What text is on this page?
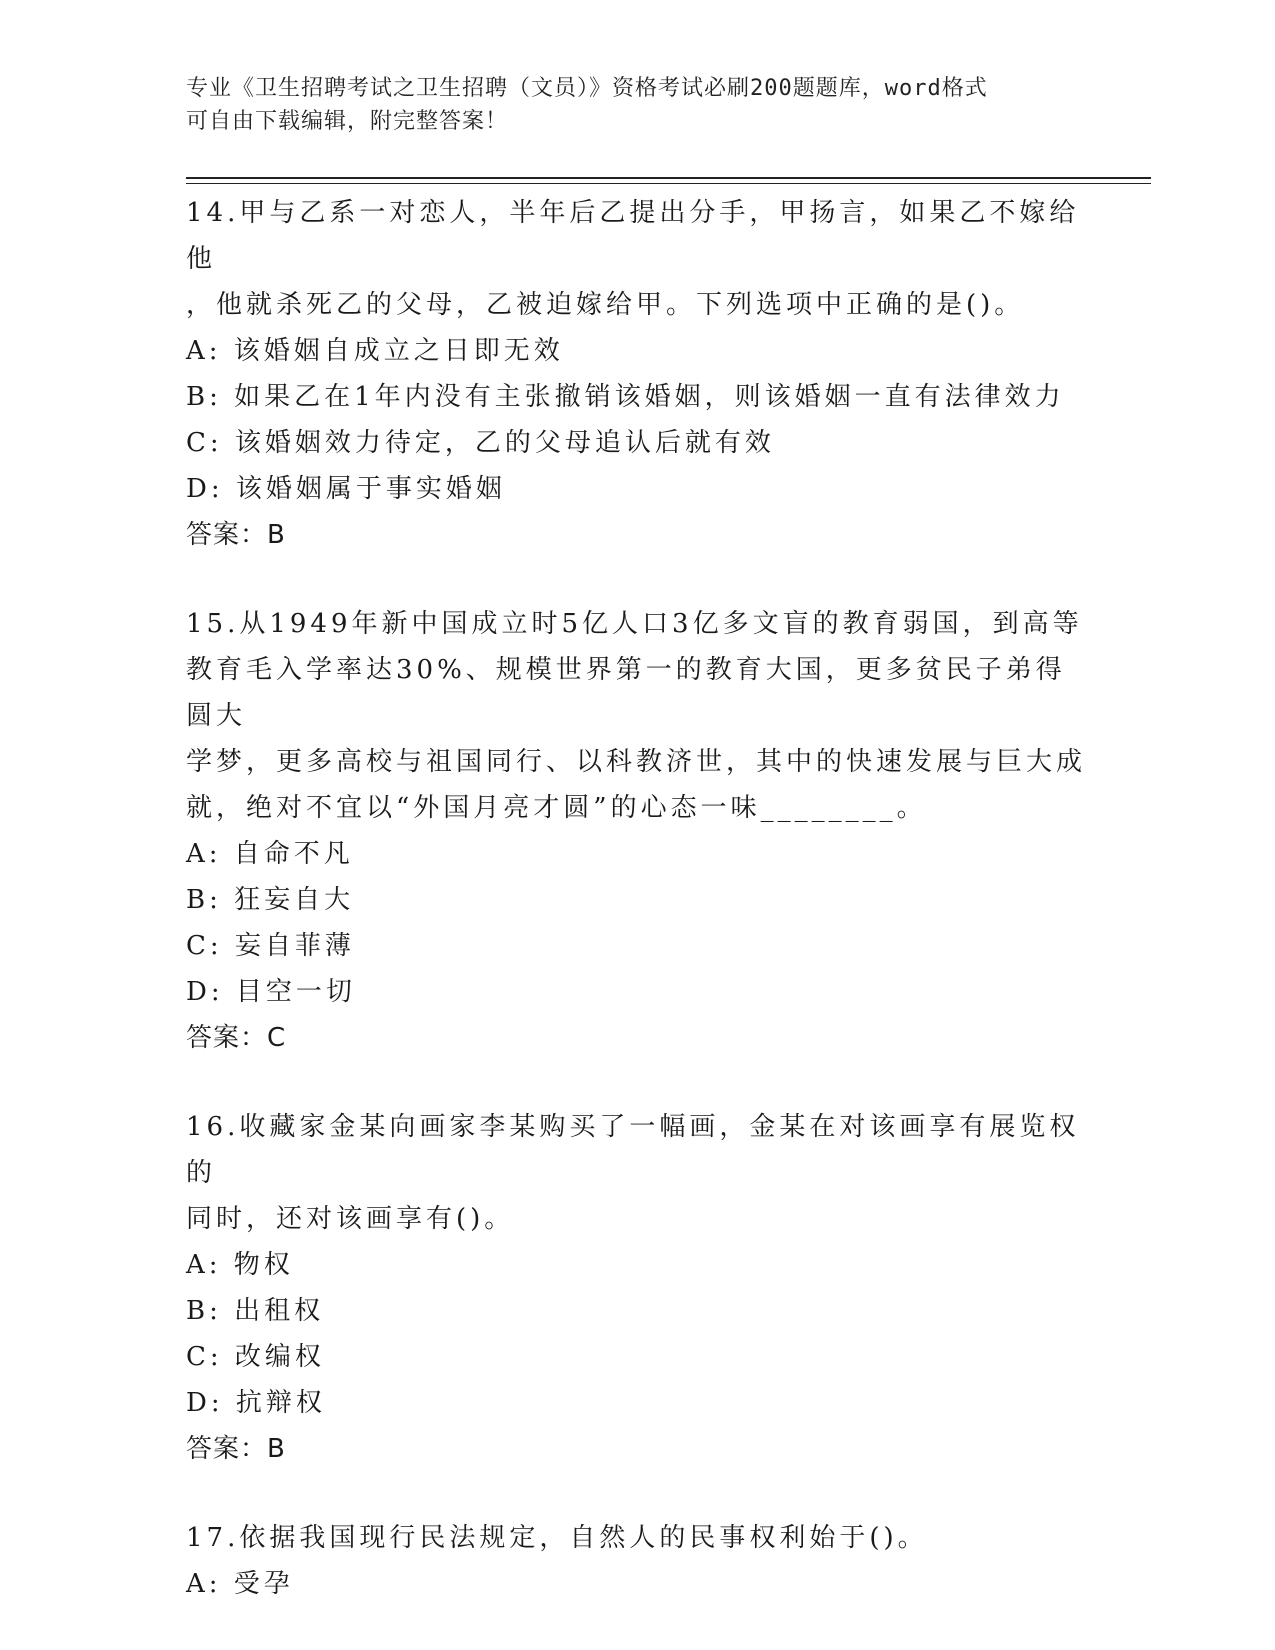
专业《卫生招聘考试之卫生招聘（文员）》资格考试必刷200题题库，word格式
可自由下载编辑，附完整答案！
14.甲与乙系一对恋人，半年后乙提出分手，甲扬言，如果乙不嫁给他
，他就杀死乙的父母，乙被迫嫁给甲。下列选项中正确的是()。
A: 该婚姻自成立之日即无效
B: 如果乙在1年内没有主张撤销该婚姻，则该婚姻一直有法律效力
C: 该婚姻效力待定，乙的父母追认后就有效
D: 该婚姻属于事实婚姻
答案：B
15.从1949年新中国成立时5亿人口3亿多文盲的教育弱国，到高等
教育毛入学率达30%、规模世界第一的教育大国，更多贫民子弟得圆大
学梦，更多高校与祖国同行、以科教济世，其中的快速发展与巨大成
就，绝对不宜以“外国月亮才圆”的心态一味________。
A: 自命不凡
B: 狂妄自大
C: 妄自菲薄
D: 目空一切
答案：C
16.收藏家金某向画家李某购买了一幅画，金某在对该画享有展览权的
同时，还对该画享有()。
A: 物权
B: 出租权
C: 改编权
D: 抗辩权
答案：B
17.依据我国现行民法规定，自然人的民事权利始于()。
A: 受孕
